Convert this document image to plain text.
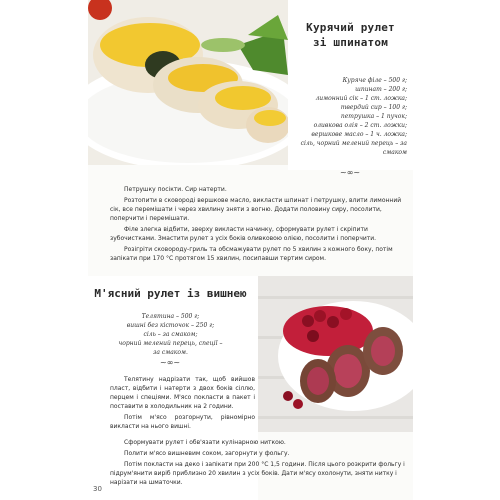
Курячий рулет
зі шпинатом
Куряче філе – 500 г;
шпинат – 200 г;
лимонний сік – 1 ст. ложка;
твердий сир – 100 г;
петрушка – 1 пучок;
оливкова олія – 2 ст. ложки;
вершкове масло – 1 ч. ложка;
сіль, чорний мелений перець – за смаком
~∞~

Петрушку посікти. Сир натерти.

Розтопити в сковороді вершкове масло, викласти шпинат і петрушку, влити лимонний сік, все перемішати і через хвилину зняти з вогню. Додати половину сиру, посолити, поперчити і перемішати.

Філе злегка відбити, зверху викласти начинку, сформувати рулет і скріпити зубочистками. Змастити рулет з усіх боків оливковою олією, посолити і поперчити.

Розігріти сковороду-гриль та обсмажувати рулет по 5 хвилин з кожного боку, потім запікати при 170 °С протягом 15 хвилин, посипавши тертим сиром.

М'ясний рулет із вишнею
Телятина – 500 г;
вишні без кісточок – 250 г;
сіль – за смаком;
чорний мелений перець, спеції –
за смаком.
~∞~

Телятину надрізати так, щоб вийшов пласт, відбити і натерти з двох боків сіллю, перцем і спеціями. М'ясо покласти в пакет і поставити в холодильник на 2 години.

Потім м'ясо розгорнути, рівномірно викласти на нього вишні.

Сформувати рулет і обв'язати кулінарною ниткою.

Полити м'ясо вишневим соком, загорнути у фольгу.

Потім покласти на деко і запікати при 200 °С 1,5 години. Після цього розкрити фольгу і підрум'янити виріб приблизно 20 хвилин з усіх боків. Дати м'ясу охолонути, зняти нитку і нарізати на шматочки.

30
